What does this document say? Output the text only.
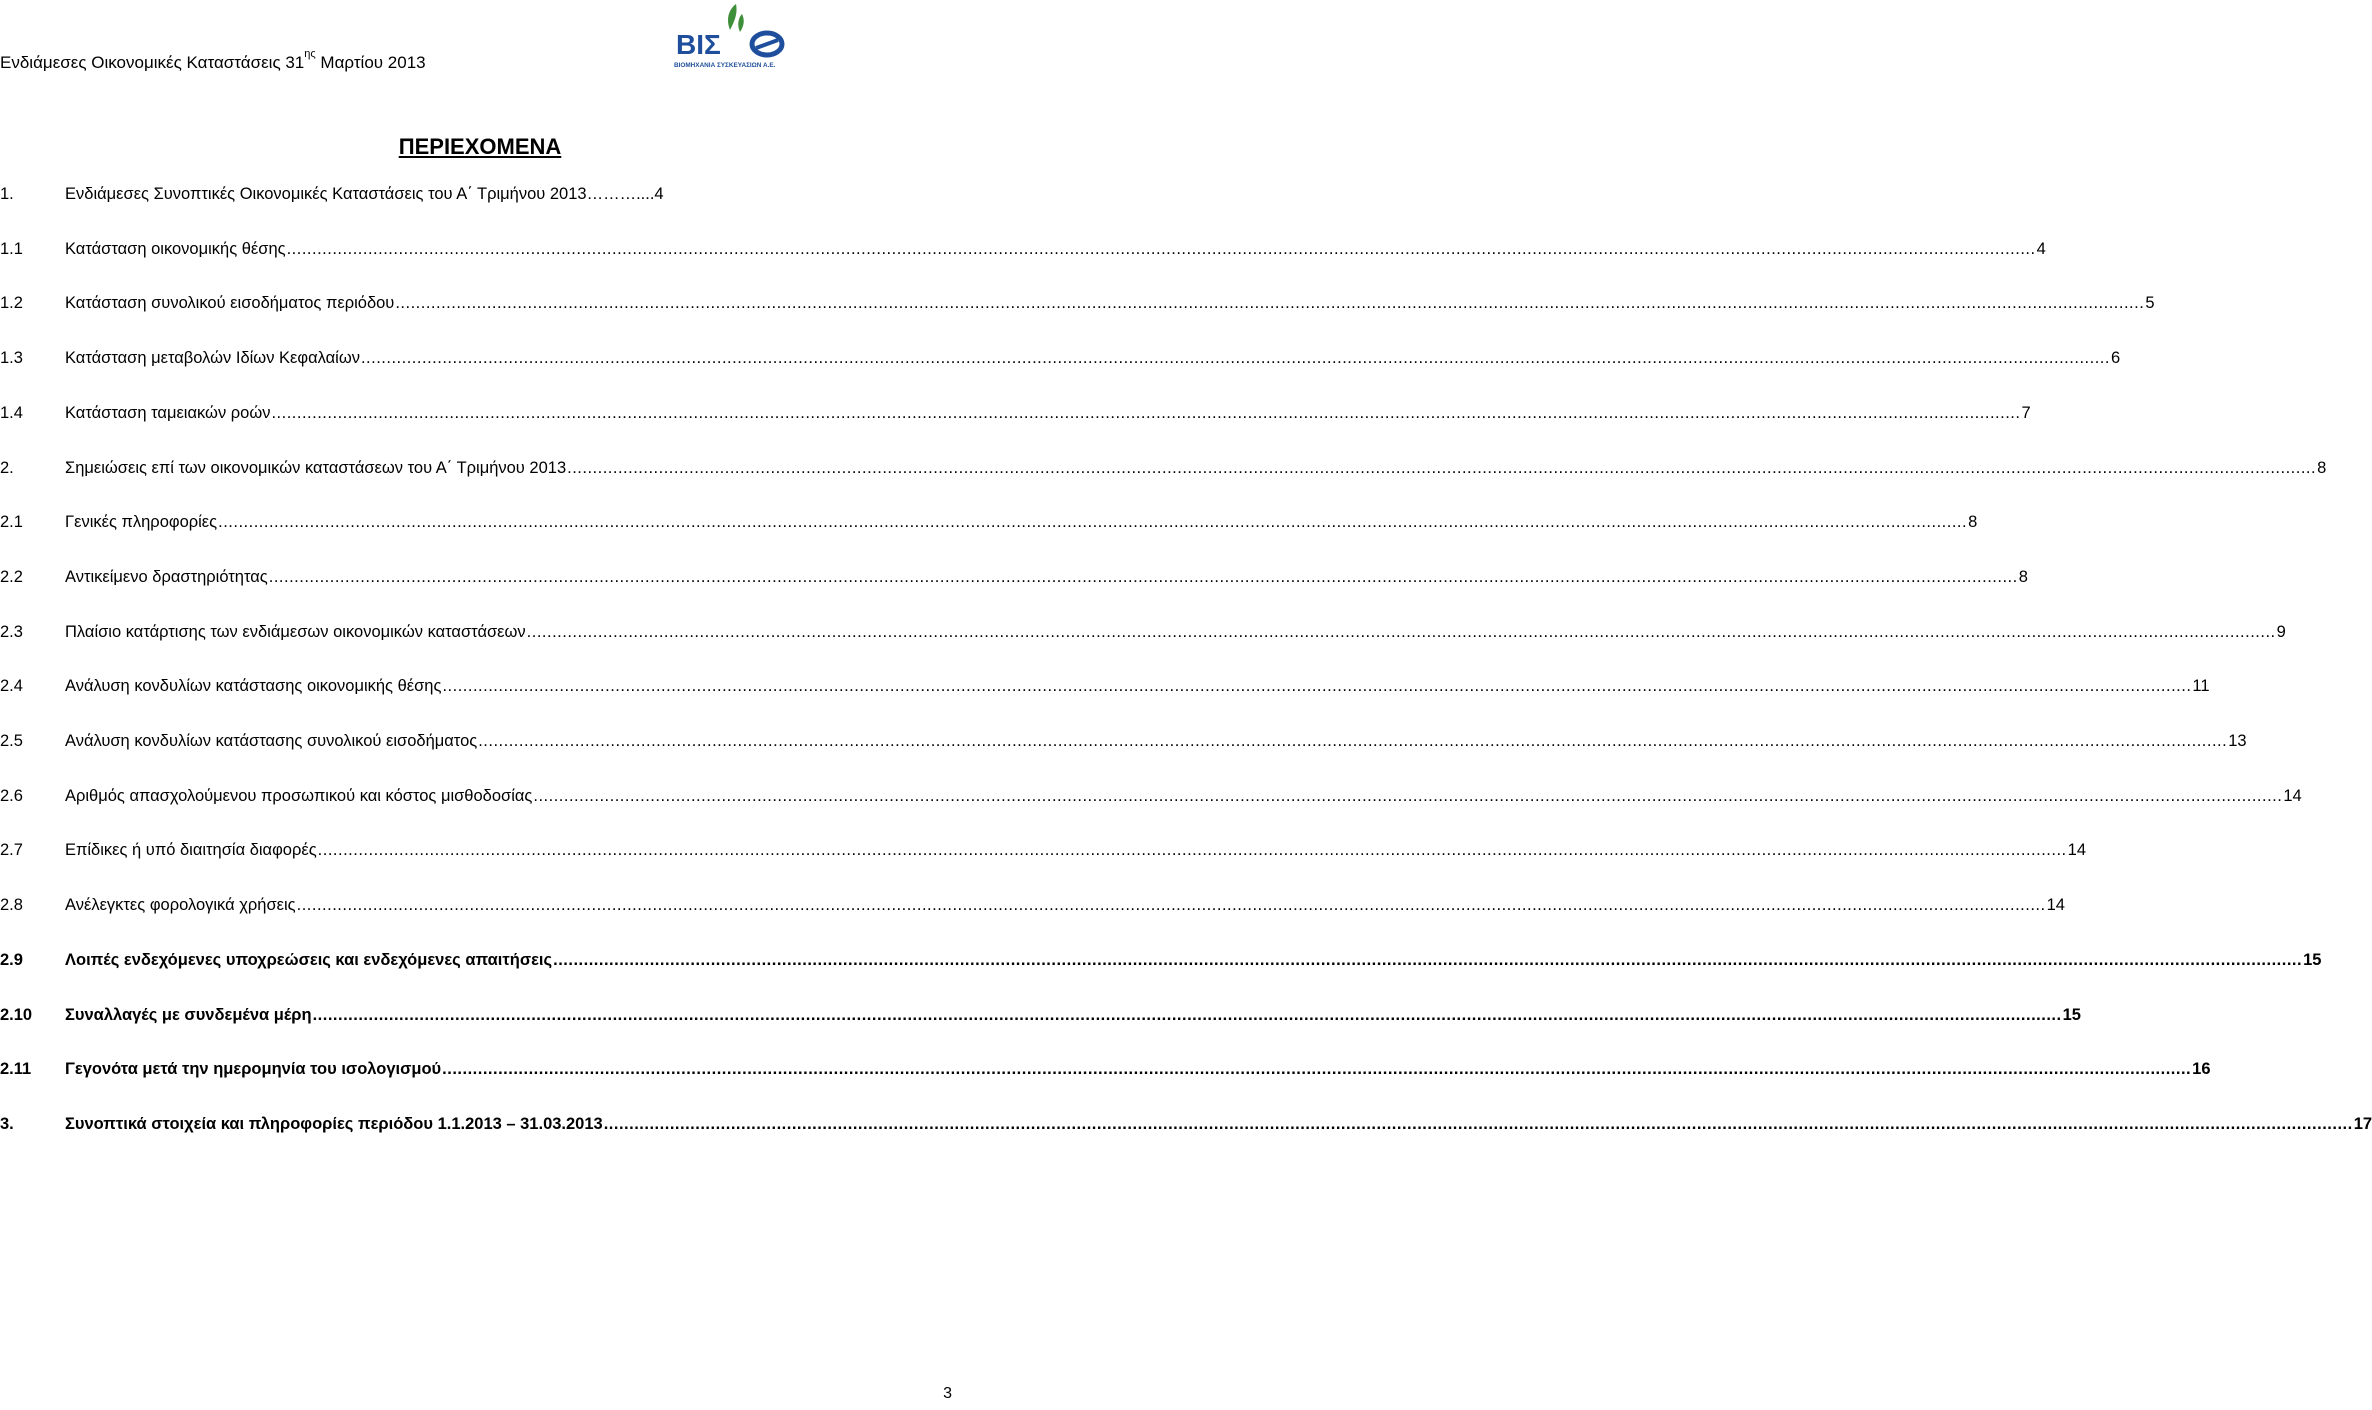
Ενδιάμεσες Οικονομικές Καταστάσεις $31^{\eta\varsigma}$ Μαρτίου 2013
ΒΙΣ
ΒΙΟΜΗΧΑΝΙΑ ΣΥΣΚΕΥΑΣΙΩΝ Α.Ε.
ΠΕΡΙΕΧΟΜΕΝΑ
1.	Ενδιάμεσες Συνοπτικές Οικονομικές Καταστάσεις του Α΄ Τριμήνου 2013………. ...4
1.1	Κατάσταση οικονομικής θέσης .....	4
1.2	Κατάσταση συνολικού εισοδήματος περιόδου .....	5
1.3	Κατάσταση μεταβολών Ιδίων Κεφαλαίων .....	6
1.4	Κατάσταση ταμειακών ροών .....	7
2.	Σημειώσεις επί των οικονομικών καταστάσεων του Α΄ Τριμήνου 2013 .....	8
2.1	Γενικές πληροφορίες .....	8
2.2	Αντικείμενο δραστηριότητας .....	8
2.3	Πλαίσιο κατάρτισης των ενδιάμεσων οικονομικών καταστάσεων .....	9
2.4	Ανάλυση κονδυλίων κατάστασης οικονομικής θέσης .....	11
2.5	Ανάλυση κονδυλίων κατάστασης συνολικού εισοδήματος .....	13
2.6	Αριθμός απασχολούμενου προσωπικού και κόστος μισθοδοσίας .....	14
2.7	Επίδικες ή υπό διαιτησία διαφορές .....	14
2.8	Ανέλεγκτες φορολογικά χρήσεις .....	14
2.9	Λοιπές ενδεχόμενες υποχρεώσεις και ενδεχόμενες απαιτήσεις .....	15
2.10	Συναλλαγές με συνδεμένα μέρη .....	15
2.11	Γεγονότα μετά την ημερομηνία του ισολογισμού .....	16
3.	Συνοπτικά στοιχεία και πληροφορίες περιόδου 1.1.2013 – 31.03.2013 .....	17
3
